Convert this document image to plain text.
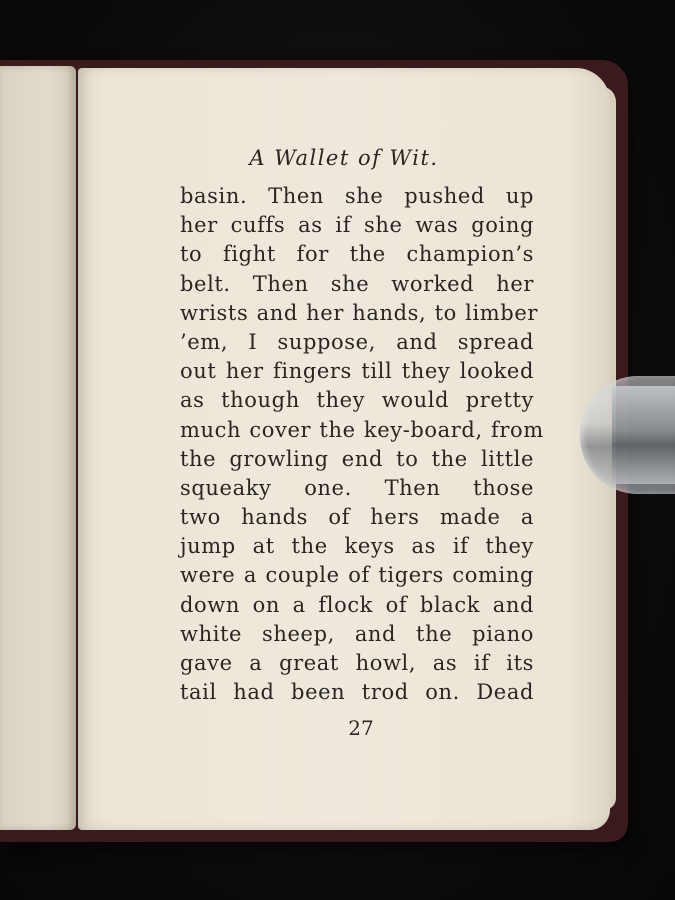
A Wallet of Wit.

basin. Then she pushed up
her cuffs as if she was going
to fight for the champion’s
belt. Then she worked her
wrists and her hands, to limber
’em, I suppose, and spread
out her fingers till they looked
as though they would pretty
much cover the key-board, from
the growling end to the little
squeaky one. Then those
two hands of hers made a
jump at the keys as if they
were a couple of tigers coming
down on a flock of black and
white sheep, and the piano
gave a great howl, as if its
tail had been trod on. Dead
27
